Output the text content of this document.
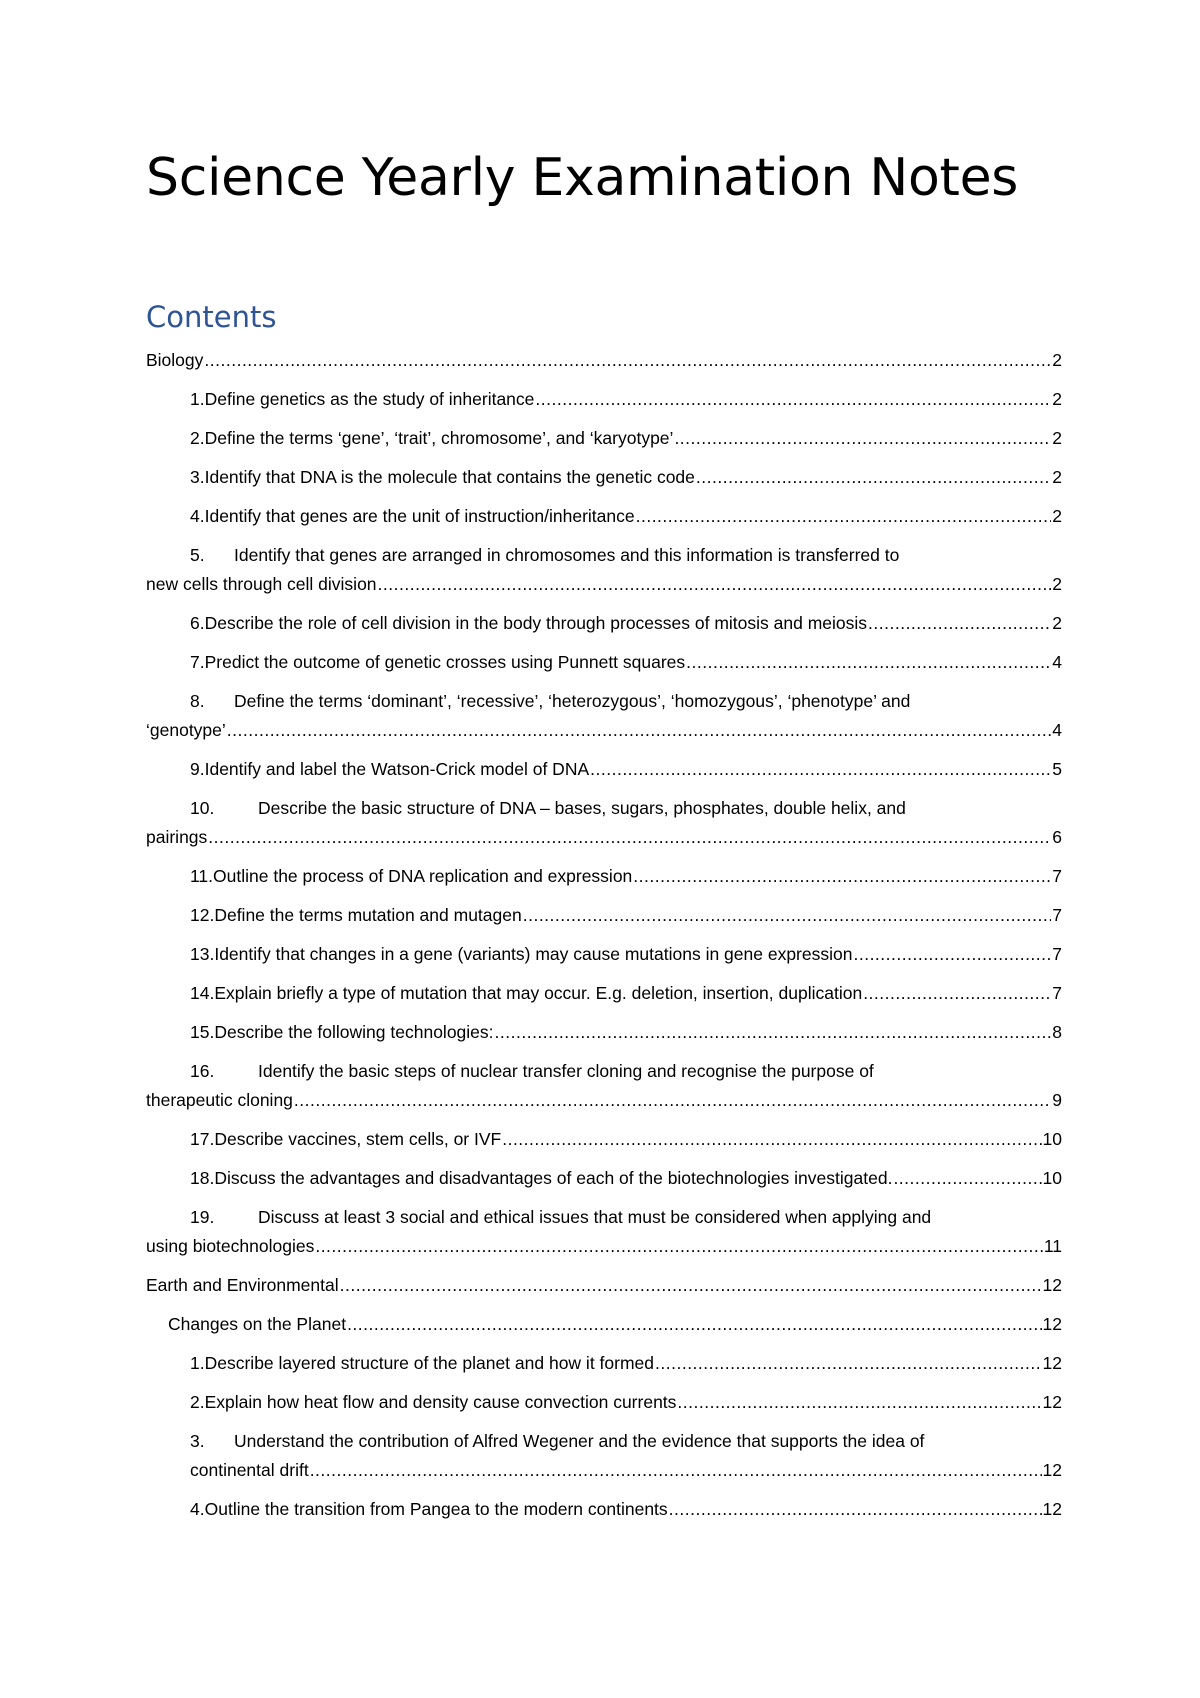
Science Yearly Examination Notes
Contents
Biology .....	2
1. Define genetics as the study of inheritance .....	2
2. Define the terms ‘gene’, ‘trait’, chromosome’, and ‘karyotype’ .....	2
3. Identify that DNA is the molecule that contains the genetic code .....	2
4. Identify that genes are the unit of instruction/inheritance .....	2
5.	Identify that genes are arranged in chromosomes and this information is transferred to
new cells through cell division .....	2
6. Describe the role of cell division in the body through processes of mitosis and meiosis .....	2
7. Predict the outcome of genetic crosses using Punnett squares .....	4
8.	Define the terms ‘dominant’, ‘recessive’, ‘heterozygous’, ‘homozygous’, ‘phenotype’ and
‘genotype’ .....	4
9. Identify and label the Watson-Crick model of DNA .....	5
10.	Describe the basic structure of DNA – bases, sugars, phosphates, double helix, and
pairings .....	6
11. Outline the process of DNA replication and expression .....	7
12. Define the terms mutation and mutagen .....	7
13. Identify that changes in a gene (variants) may cause mutations in gene expression .....	7
14. Explain briefly a type of mutation that may occur. E.g. deletion, insertion, duplication .....	7
15. Describe the following technologies: .....	8
16.	Identify the basic steps of nuclear transfer cloning and recognise the purpose of
therapeutic cloning .....	9
17. Describe vaccines, stem cells, or IVF .....	10
18. Discuss the advantages and disadvantages of each of the biotechnologies investigated. .....	10
19.	Discuss at least 3 social and ethical issues that must be considered when applying and
using biotechnologies .....	11
Earth and Environmental .....	12
Changes on the Planet .....	12
1. Describe layered structure of the planet and how it formed .....	12
2. Explain how heat flow and density cause convection currents .....	12
3.	Understand the contribution of Alfred Wegener and the evidence that supports the idea of
continental drift .....	12
4. Outline the transition from Pangea to the modern continents .....	12
